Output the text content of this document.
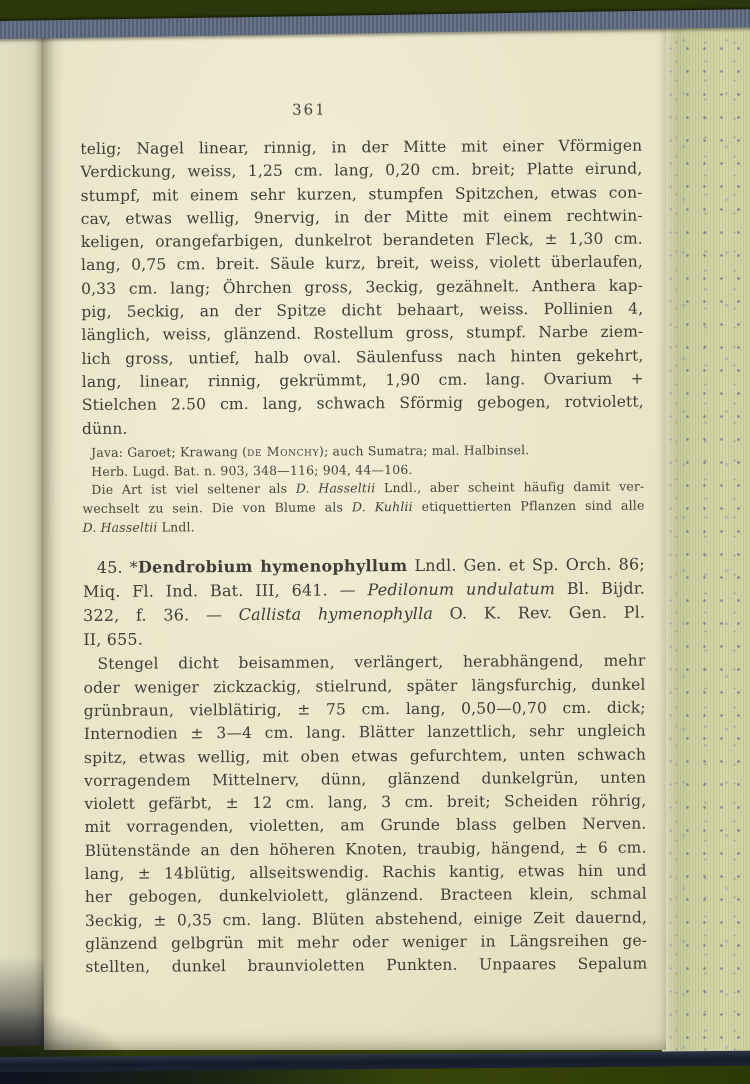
361
telig; Nagel linear, rinnig, in der Mitte mit einer Vförmigen
Verdickung, weiss, 1,25 cm. lang, 0,20 cm. breit; Platte eirund,
stumpf, mit einem sehr kurzen, stumpfen Spitzchen, etwas con-
cav, etwas wellig, 9nervig, in der Mitte mit einem rechtwin-
keligen, orangefarbigen, dunkelrot berandeten Fleck, ± 1,30 cm.
lang, 0,75 cm. breit. Säule kurz, breit, weiss, violett überlaufen,
0,33 cm. lang; Öhrchen gross, 3eckig, gezähnelt. Anthera kap-
pig, 5eckig, an der Spitze dicht behaart, weiss. Pollinien 4,
länglich, weiss, glänzend. Rostellum gross, stumpf. Narbe ziem-
lich gross, untief, halb oval. Säulenfuss nach hinten gekehrt,
lang, linear, rinnig, gekrümmt, 1,90 cm. lang. Ovarium +
Stielchen 2.50 cm. lang, schwach Sförmig gebogen, rotviolett,
dünn.
Java: Garoet; Krawang (de Monchy); auch Sumatra; mal. Halbinsel.
Herb. Lugd. Bat. n. 903, 348—116; 904, 44—106.
Die Art ist viel seltener als D. Hasseltii Lndl., aber scheint häufig damit ver-
wechselt zu sein. Die von Blume als D. Kuhlii etiquettierten Pflanzen sind alle
D. Hasseltii Lndl.
45. *Dendrobium hymenophyllum Lndl. Gen. et Sp. Orch. 86;
Miq. Fl. Ind. Bat. III, 641. — Pedilonum undulatum Bl. Bijdr.
322, f. 36. — Callista hymenophylla O. K. Rev. Gen. Pl.
II, 655.
Stengel dicht beisammen, verlängert, herabhängend, mehr
oder weniger zickzackig, stielrund, später längsfurchig, dunkel
grünbraun, vielblätirig, ± 75 cm. lang, 0,50—0,70 cm. dick;
Internodien ± 3—4 cm. lang. Blätter lanzettlich, sehr ungleich
spitz, etwas wellig, mit oben etwas gefurchtem, unten schwach
vorragendem Mittelnerv, dünn, glänzend dunkelgrün, unten
violett gefärbt, ± 12 cm. lang, 3 cm. breit; Scheiden röhrig,
mit vorragenden, violetten, am Grunde blass gelben Nerven.
Blütenstände an den höheren Knoten, traubig, hängend, ± 6 cm.
lang, ± 14blütig, allseitswendig. Rachis kantig, etwas hin und
her gebogen, dunkelviolett, glänzend. Bracteen klein, schmal
3eckig, ± 0,35 cm. lang. Blüten abstehend, einige Zeit dauernd,
glänzend gelbgrün mit mehr oder weniger in Längsreihen ge-
stellten, dunkel braunvioletten Punkten. Unpaares Sepalum
